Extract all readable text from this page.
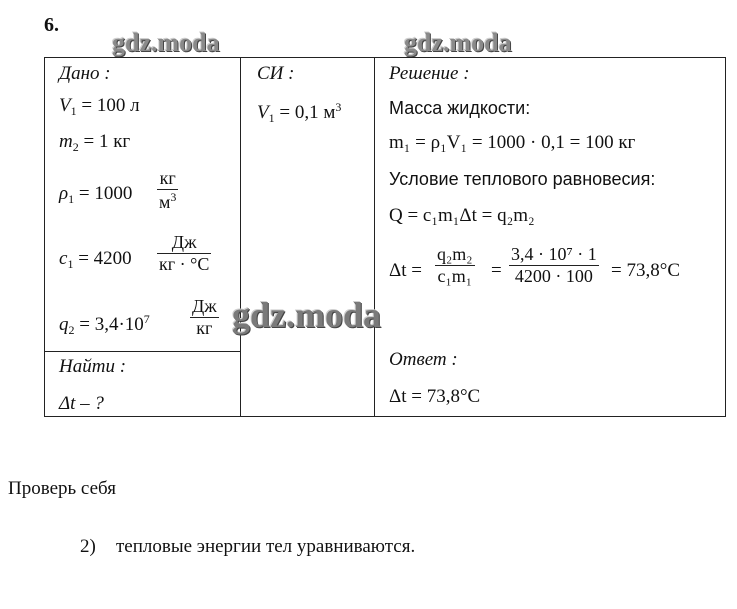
6.
gdz.moda	gdz.moda
Дано :
$V_1 = 100$ л
$m_2 = 1$ кг
$\rho_1 = 1000$
кг
$м^3$
$c_1 = 4200$
Дж
кг · °С
$q_2 = 3,4\cdot 10^7$
Дж
кг
Найти :
Δt – ?
СИ :
$V_1 = 0,1$ $м^3$
Решение :
Масса жидкости:
m₁ = ρ₁V₁ = 1000 · 0,1 = 100 кг
Условие теплового равновесия:
Q = c₁m₁Δt = q₂m₂
$\Delta t = \frac{\text{q₂m₂}}{\text{c₁m₁}} = \frac{\text{3,4 · 10⁷ · 1}}{4200 \cdot 100} = 73,8^\circ С$
Ответ :
Δt = 73,8°С
gdz.moda
Проверь себя
2) тепловые энергии тел уравниваются.
